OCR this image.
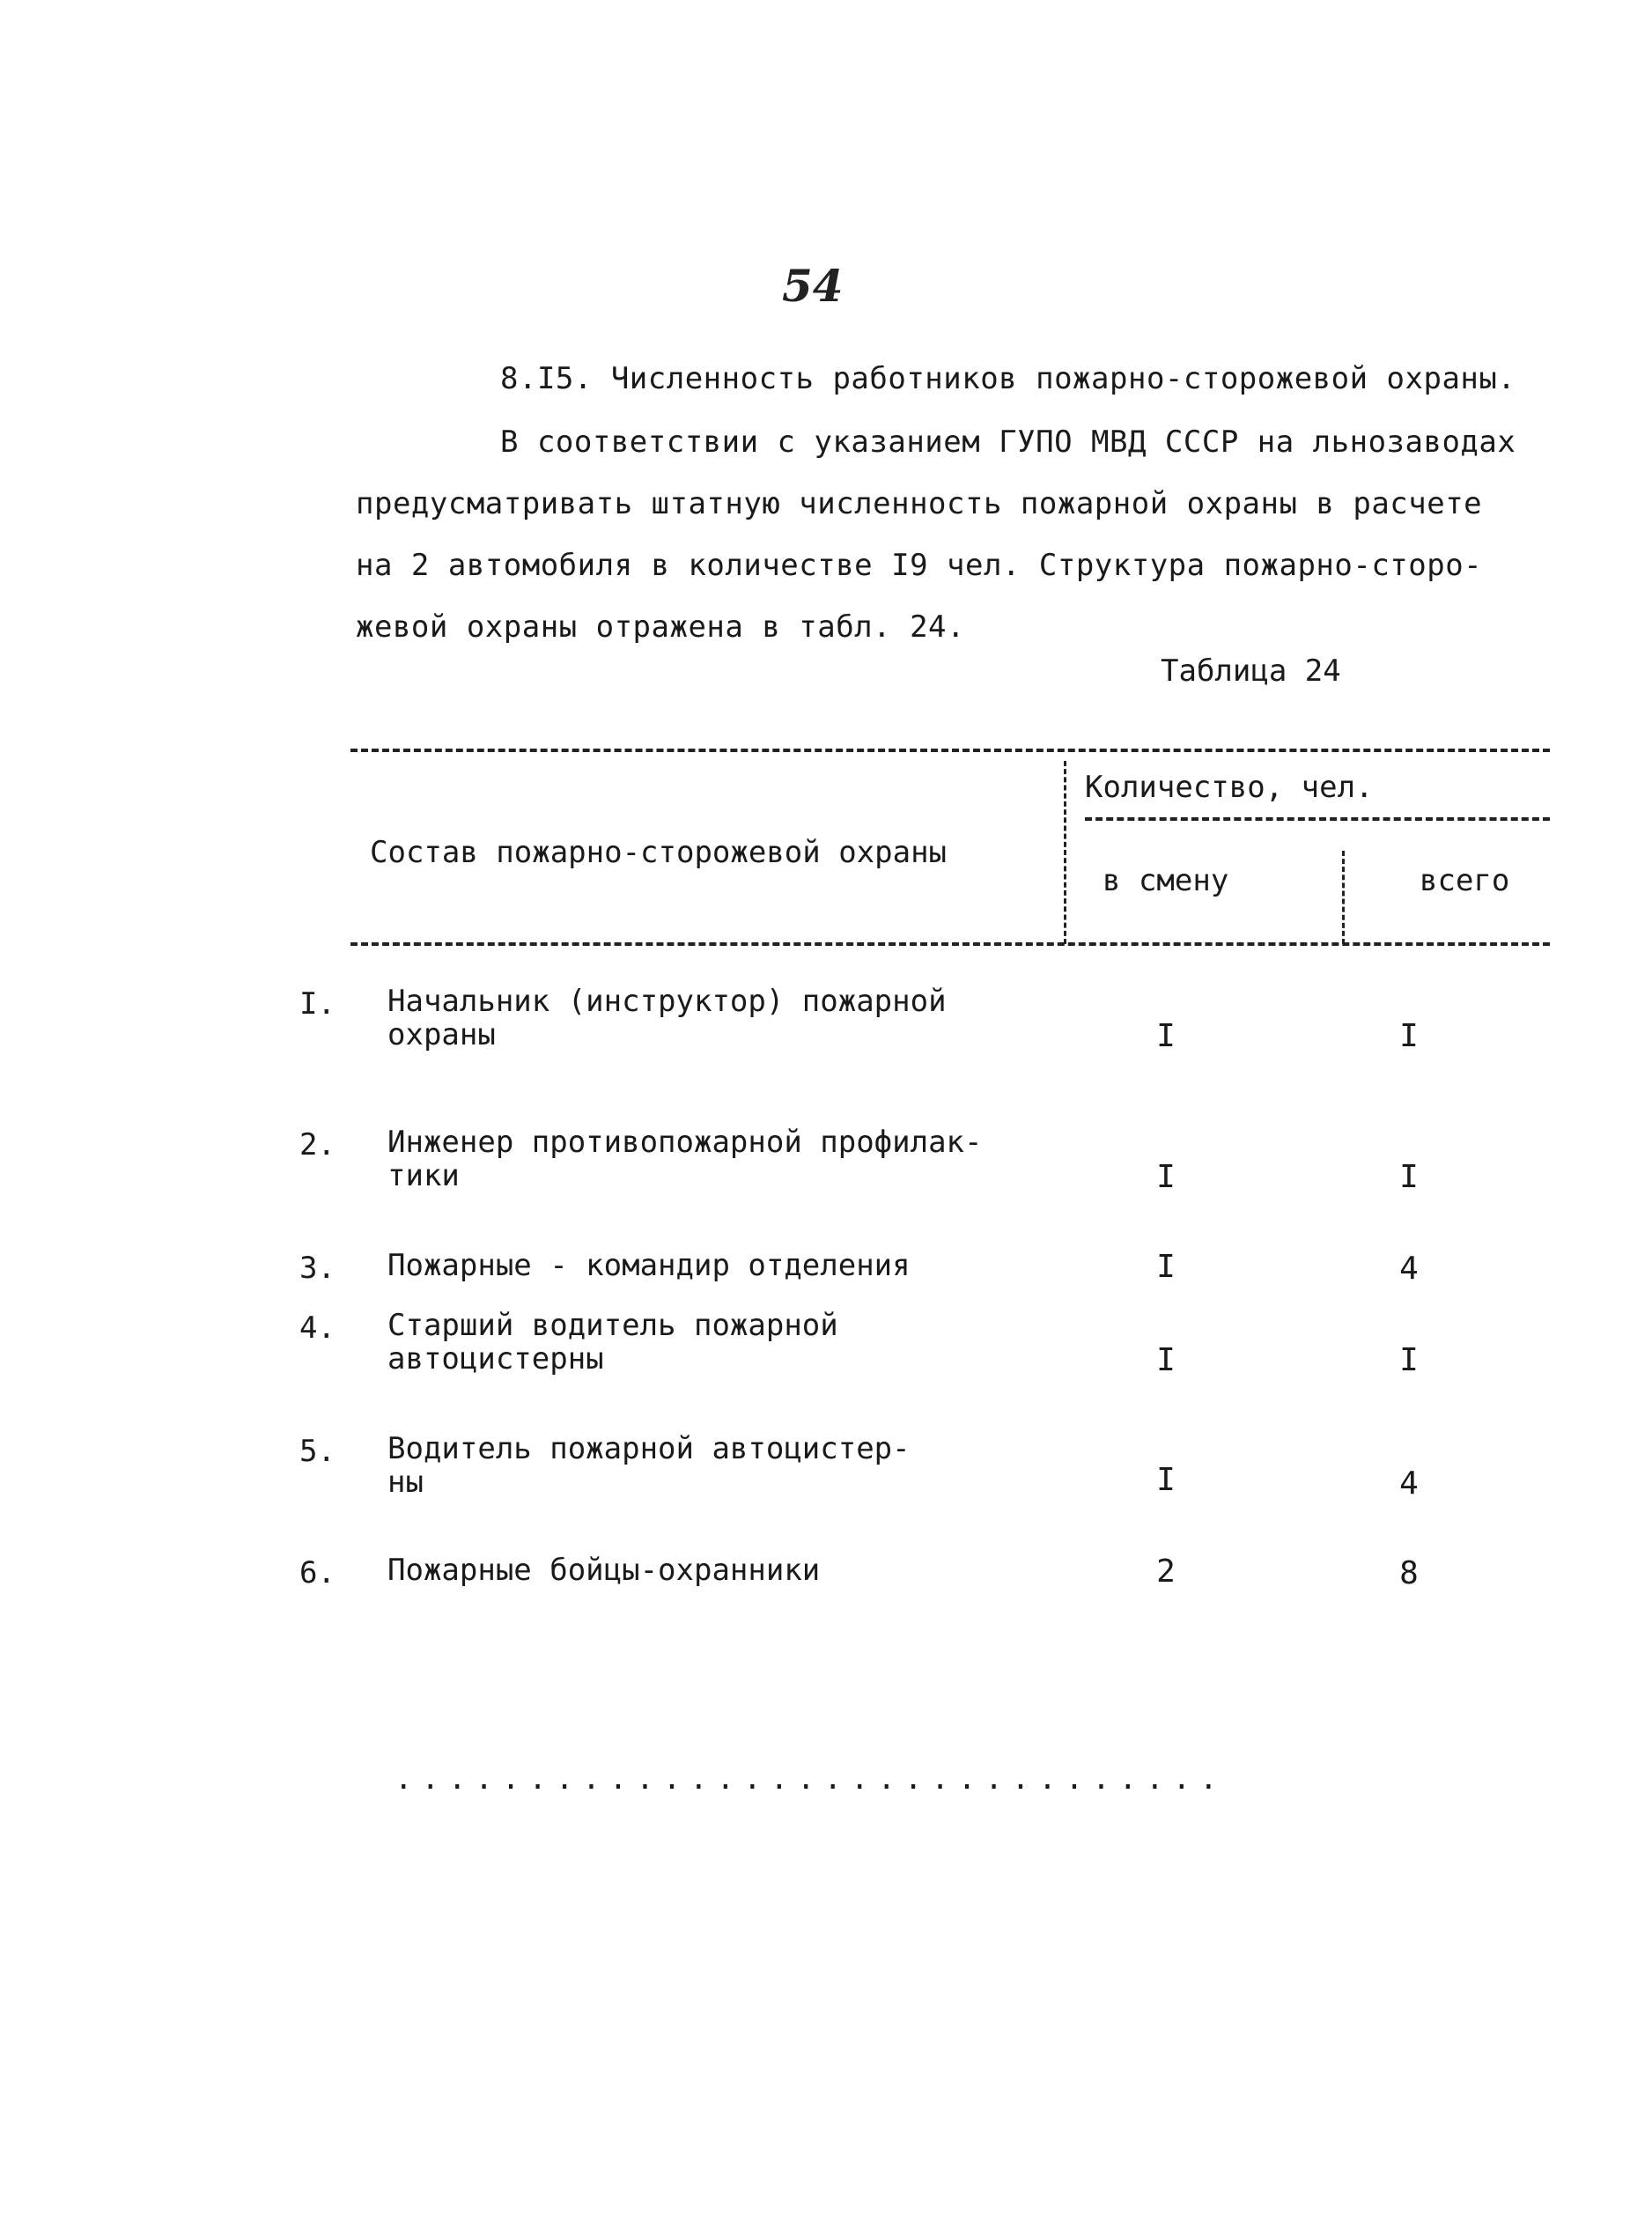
54
8.I5. Численность работников пожарно-сторожевой охраны.
В соответствии с указанием ГУПО МВД СССР на льнозаводах
предусматривать штатную численность пожарной охраны в расчете
на 2 автомобиля в количестве I9 чел. Структура пожарно-сторо-
жевой охраны отражена в табл. 24.
Таблица 24
Состав пожарно-сторожевой охраны
Количество, чел.
в смену	всего
I. Начальник (инструктор) пожарной
охраны	I	I
2. Инженер противопожарной профилак-
тики	I	I
3. Пожарные - командир отделения	I	4
4. Старший водитель пожарной
автоцистерны	I	I
5. Водитель пожарной автоцистер-
ны	I	4
6. Пожарные бойцы-охранники	2	8
...............................
